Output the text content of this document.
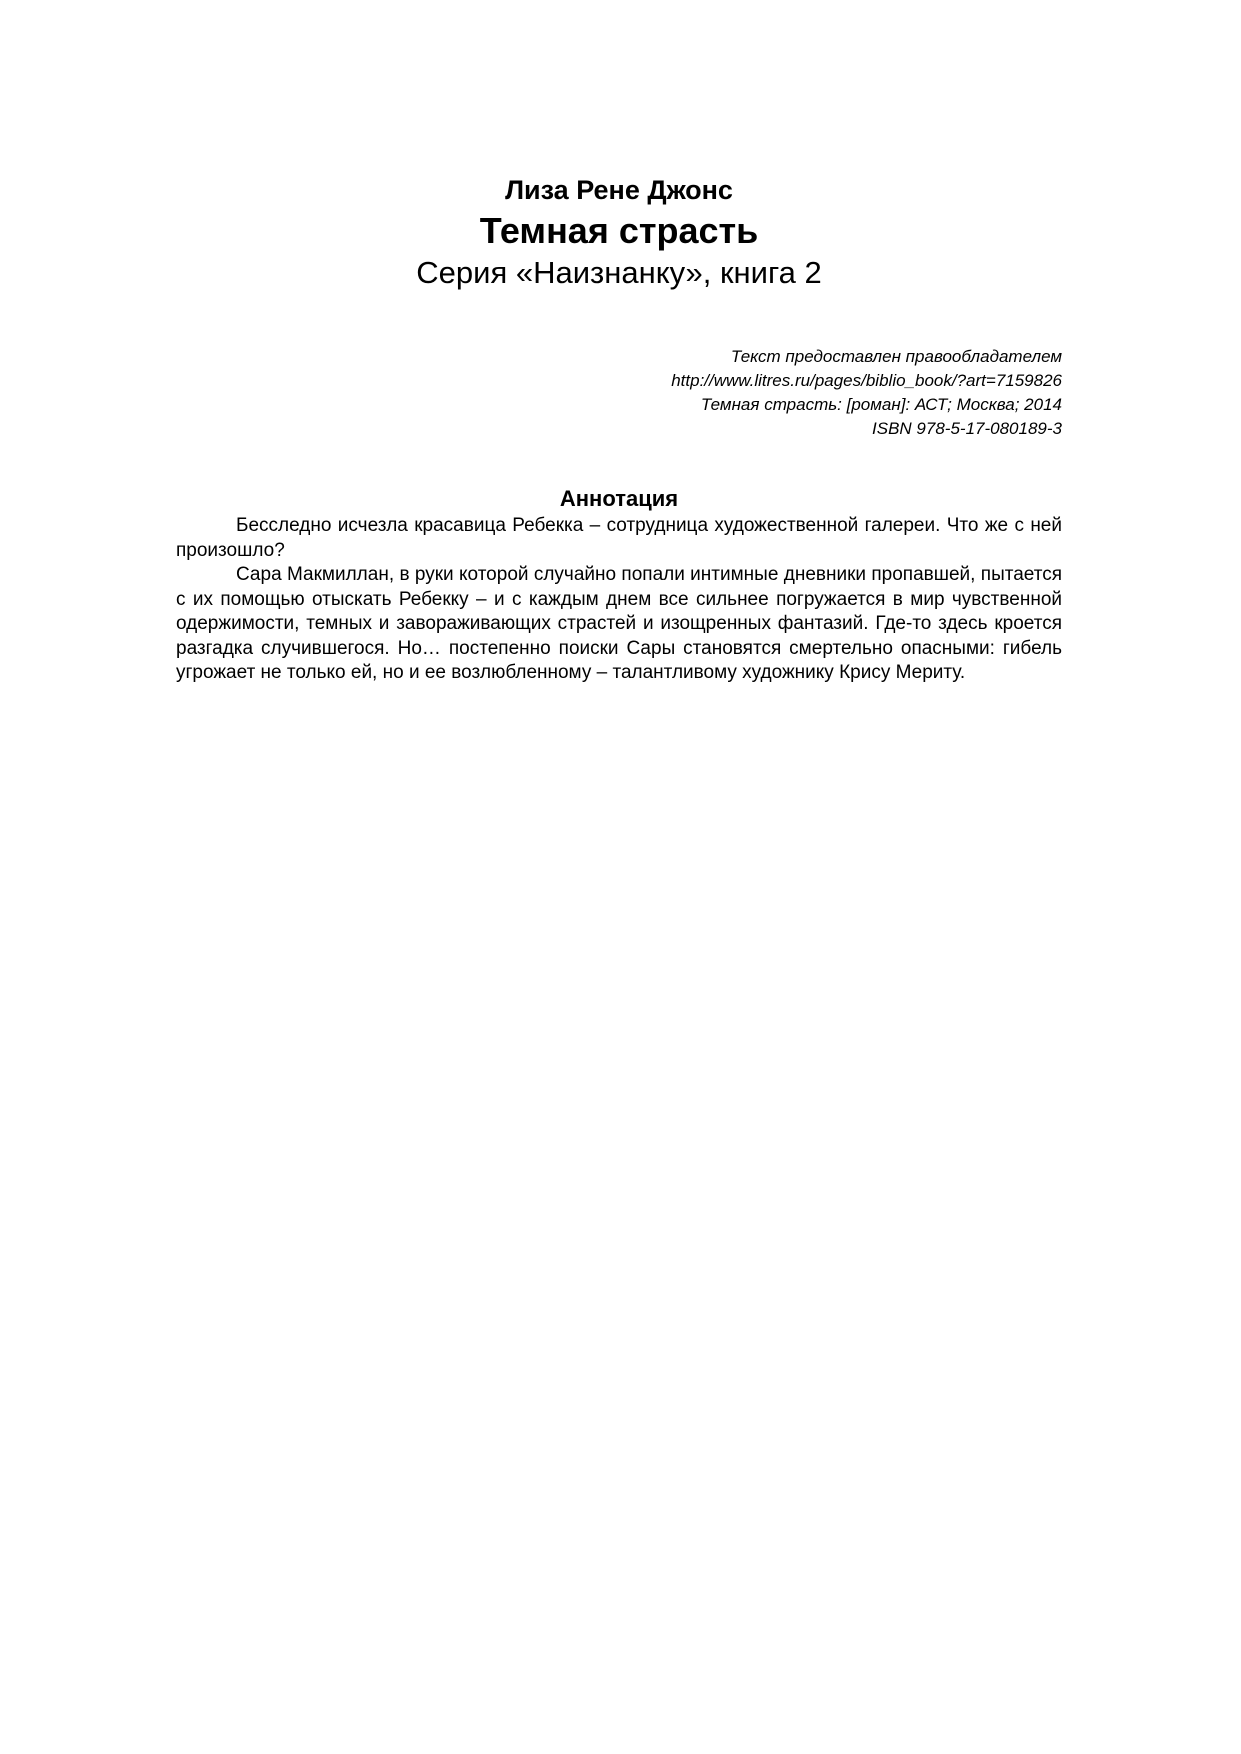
Лиза Рене Джонс
Темная страсть
Серия «Наизнанку», книга 2
Текст предоставлен правообладателем
http://www.litres.ru/pages/biblio_book/?art=7159826
Темная страсть: [роман]: АСТ; Москва; 2014
ISBN 978-5-17-080189-3
Аннотация

Бесследно исчезла красавица Ребекка – сотрудница художественной галереи. Что же с ней произошло?

Сара Макмиллан, в руки которой случайно попали интимные дневники пропавшей, пытается с их помощью отыскать Ребекку – и с каждым днем все сильнее погружается в мир чувственной одержимости, темных и завораживающих страстей и изощренных фантазий. Где-то здесь кроется разгадка случившегося. Но… постепенно поиски Сары становятся смертельно опасными: гибель угрожает не только ей, но и ее возлюбленному – талантливому художнику Крису Мериту.
